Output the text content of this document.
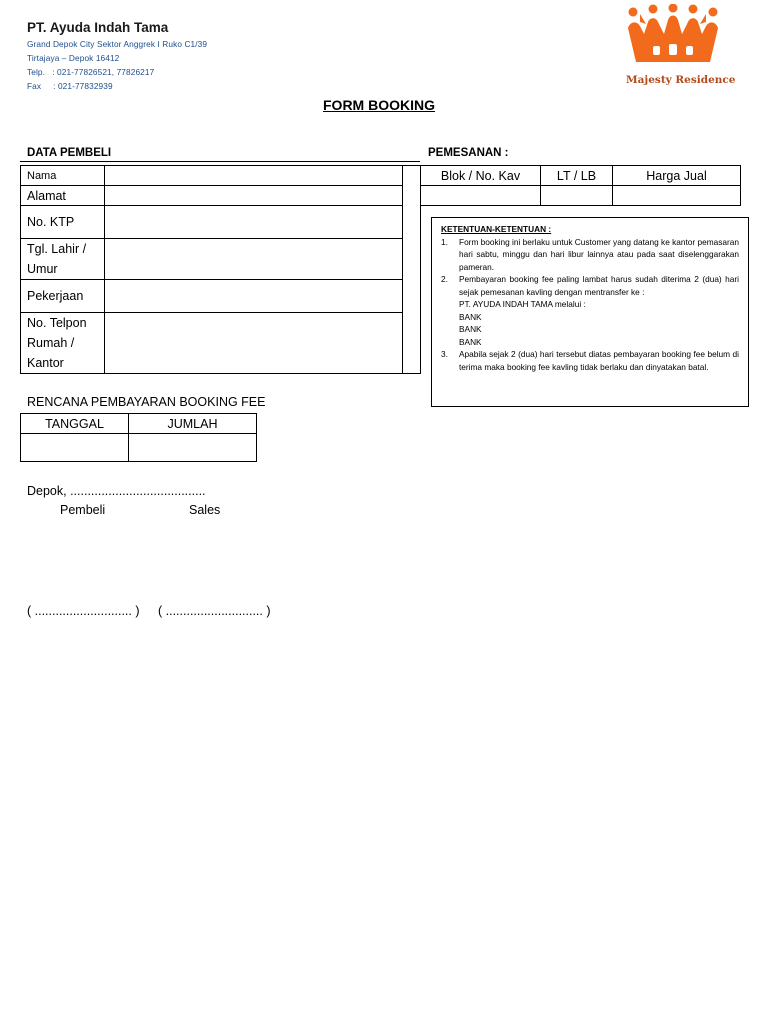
PT. Ayuda Indah Tama
Grand Depok City Sektor Anggrek I Ruko C1/39
Tirtajaya – Depok 16412
Telp.   : 021-77826521, 77826217
Fax     : 021-77832939	Majesty Residence
FORM BOOKING
DATA PEMBELI	PEMESANAN :
Nama		
Alamat		
No. KTP		
Tgl. Lahir / Umur		
Pekerjaan		
No. Telpon Rumah / Kantor		
Blok / No. Kav	LT / LB	Harga Jual

KETENTUAN-KETENTUAN :
1.	Form booking ini berlaku untuk Customer yang datang ke kantor pemasaran hari sabtu, minggu dan hari libur lainnya atau pada saat diselenggarakan pameran.
2.	Pembayaran booking fee paling lambat harus sudah diterima 2 (dua) hari sejak pemesanan kavling dengan mentransfer ke :
PT. AYUDA INDAH TAMA melalui :
BANK
BANK
BANK
3.	Apabila sejak 2 (dua) hari tersebut diatas pembayaran booking fee belum di terima maka booking fee kavling tidak berlaku dan dinyatakan batal.
RENCANA PEMBAYARAN BOOKING FEE
TANGGAL	JUMLAH

Depok, .......................................
Pembeli	Sales
( ............................ ) ( ............................ )
